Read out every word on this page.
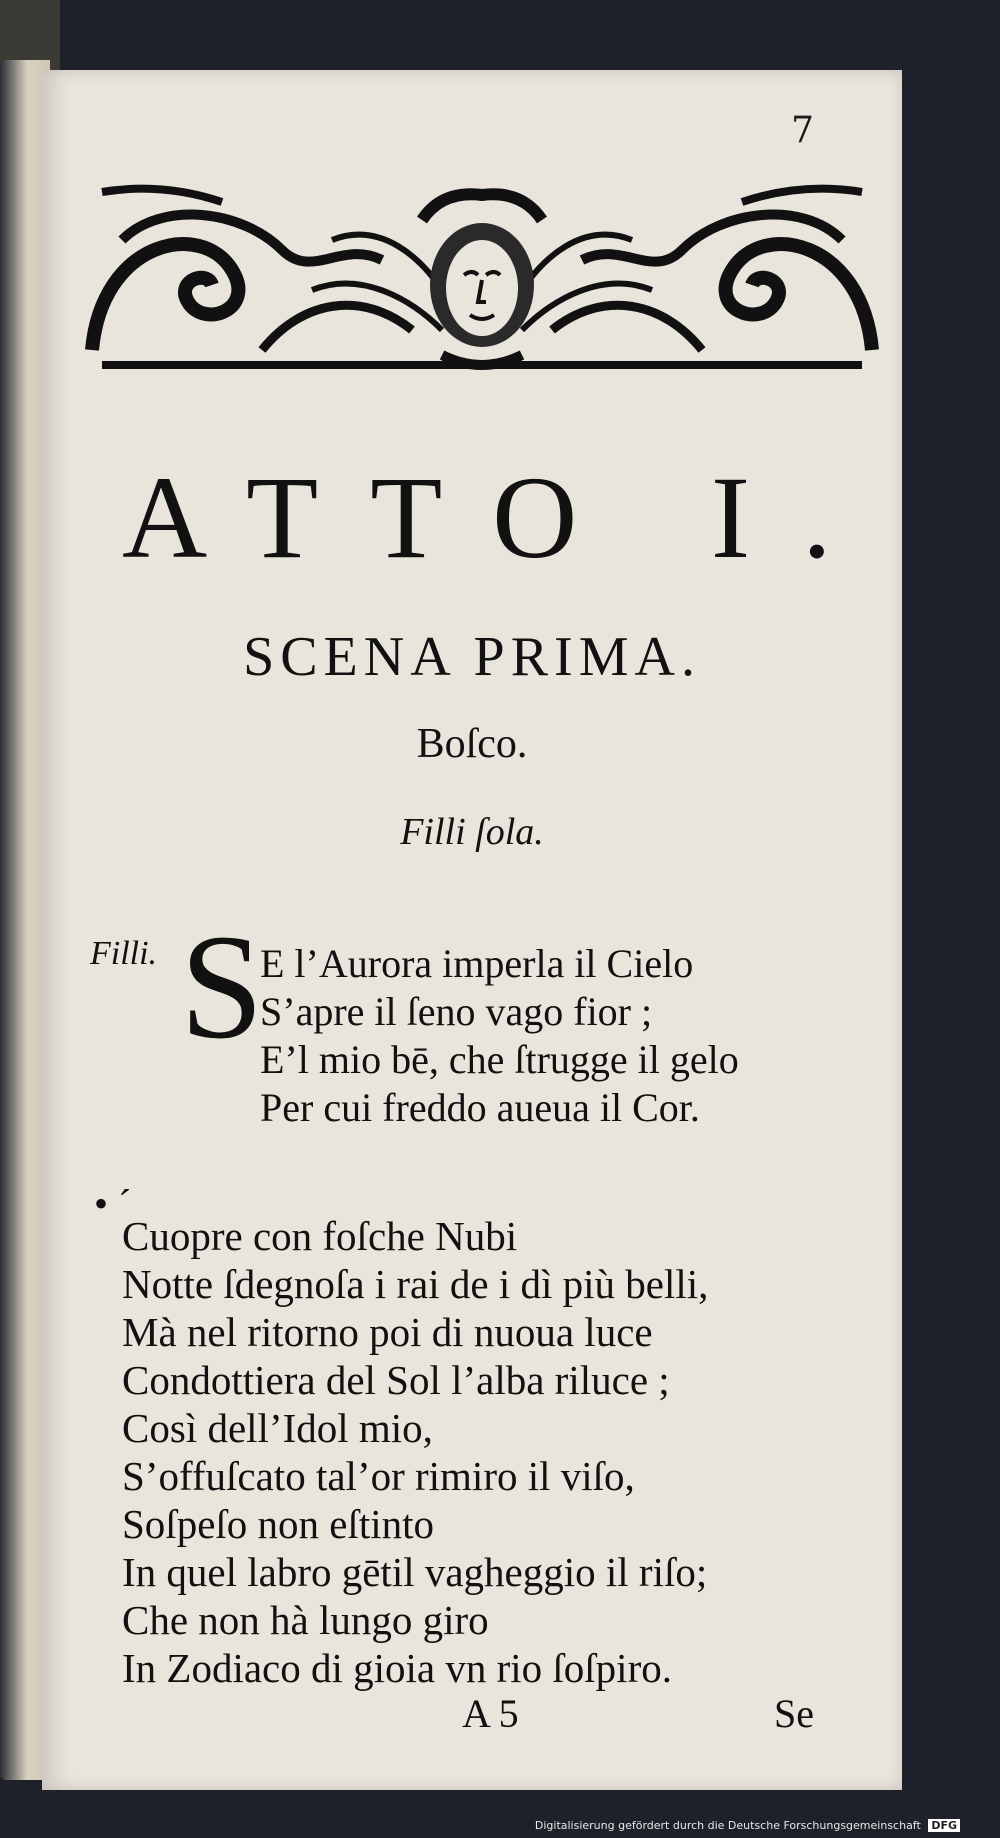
7
ATTO I.
SCENA PRIMA.
Boſco.
Filli ſola.
Filli. S
E l’Aurora imperla il Cielo
S’apre il ſeno vago fior ;
E’l mio bē, che ſtrugge il gelo
Per cui freddo aueua il Cor.
• ´
Cuopre con foſche Nubi
Notte ſdegnoſa i rai de i dì più belli,
Mà nel ritorno poi di nuoua luce
Condottiera del Sol l’alba riluce ;
Così dell’Idol mio,
S’offuſcato tal’or rimiro il viſo,
Soſpeſo non eſtinto
In quel labro gētil vagheggio il riſo;
Che non hà lungo giro
In Zodiaco di gioia vn rio ſoſpiro.
A 5	Se
Digitalisierung gefördert durch die Deutsche Forschungsgemeinschaft DFG
